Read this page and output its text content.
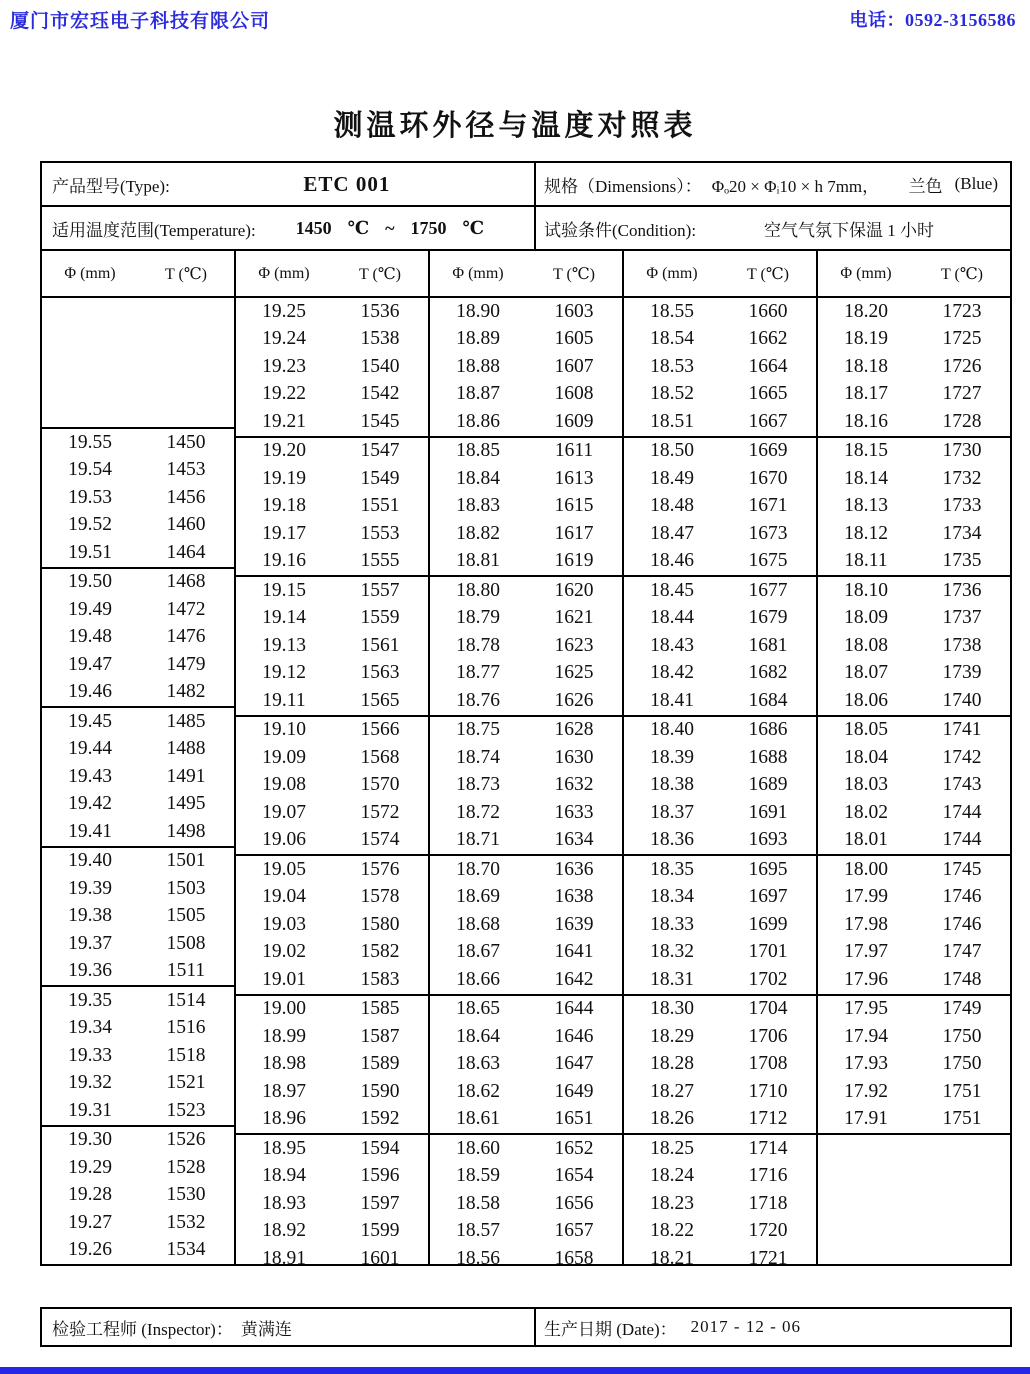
厦门市宏珏电子科技有限公司	电话：0592-3156586
测温环外径与温度对照表
产品型号(Type):	ETC 001	规格（Dimensions）： Φₒ20 × Φᵢ10 × h 7mm， 兰色 (Blue)
适用温度范围(Temperature): 1450 ℃ ~ 1750 ℃	试验条件(Condition):	空气气氛下保温 1 小时
Φ (mm)	T (℃)
19.55	1450
19.54	1453
19.53	1456
19.52	1460
19.51	1464
19.50	1468
19.49	1472
19.48	1476
19.47	1479
19.46	1482
19.45	1485
19.44	1488
19.43	1491
19.42	1495
19.41	1498
19.40	1501
19.39	1503
19.38	1505
19.37	1508
19.36	1511
19.35	1514
19.34	1516
19.33	1518
19.32	1521
19.31	1523
19.30	1526
19.29	1528
19.28	1530
19.27	1532
19.26	1534
Φ (mm)	T (℃)
19.25	1536
19.24	1538
19.23	1540
19.22	1542
19.21	1545
19.20	1547
19.19	1549
19.18	1551
19.17	1553
19.16	1555
19.15	1557
19.14	1559
19.13	1561
19.12	1563
19.11	1565
19.10	1566
19.09	1568
19.08	1570
19.07	1572
19.06	1574
19.05	1576
19.04	1578
19.03	1580
19.02	1582
19.01	1583
19.00	1585
18.99	1587
18.98	1589
18.97	1590
18.96	1592
18.95	1594
18.94	1596
18.93	1597
18.92	1599
18.91	1601
Φ (mm)	T (℃)
18.90	1603
18.89	1605
18.88	1607
18.87	1608
18.86	1609
18.85	1611
18.84	1613
18.83	1615
18.82	1617
18.81	1619
18.80	1620
18.79	1621
18.78	1623
18.77	1625
18.76	1626
18.75	1628
18.74	1630
18.73	1632
18.72	1633
18.71	1634
18.70	1636
18.69	1638
18.68	1639
18.67	1641
18.66	1642
18.65	1644
18.64	1646
18.63	1647
18.62	1649
18.61	1651
18.60	1652
18.59	1654
18.58	1656
18.57	1657
18.56	1658
Φ (mm)	T (℃)
18.55	1660
18.54	1662
18.53	1664
18.52	1665
18.51	1667
18.50	1669
18.49	1670
18.48	1671
18.47	1673
18.46	1675
18.45	1677
18.44	1679
18.43	1681
18.42	1682
18.41	1684
18.40	1686
18.39	1688
18.38	1689
18.37	1691
18.36	1693
18.35	1695
18.34	1697
18.33	1699
18.32	1701
18.31	1702
18.30	1704
18.29	1706
18.28	1708
18.27	1710
18.26	1712
18.25	1714
18.24	1716
18.23	1718
18.22	1720
18.21	1721
Φ (mm)	T (℃)
18.20	1723
18.19	1725
18.18	1726
18.17	1727
18.16	1728
18.15	1730
18.14	1732
18.13	1733
18.12	1734
18.11	1735
18.10	1736
18.09	1737
18.08	1738
18.07	1739
18.06	1740
18.05	1741
18.04	1742
18.03	1743
18.02	1744
18.01	1744
18.00	1745
17.99	1746
17.98	1746
17.97	1747
17.96	1748
17.95	1749
17.94	1750
17.93	1750
17.92	1751
17.91	1751
检验工程师 (Inspector)： 黄满连	生产日期 (Date)： 2017 - 12 - 06
